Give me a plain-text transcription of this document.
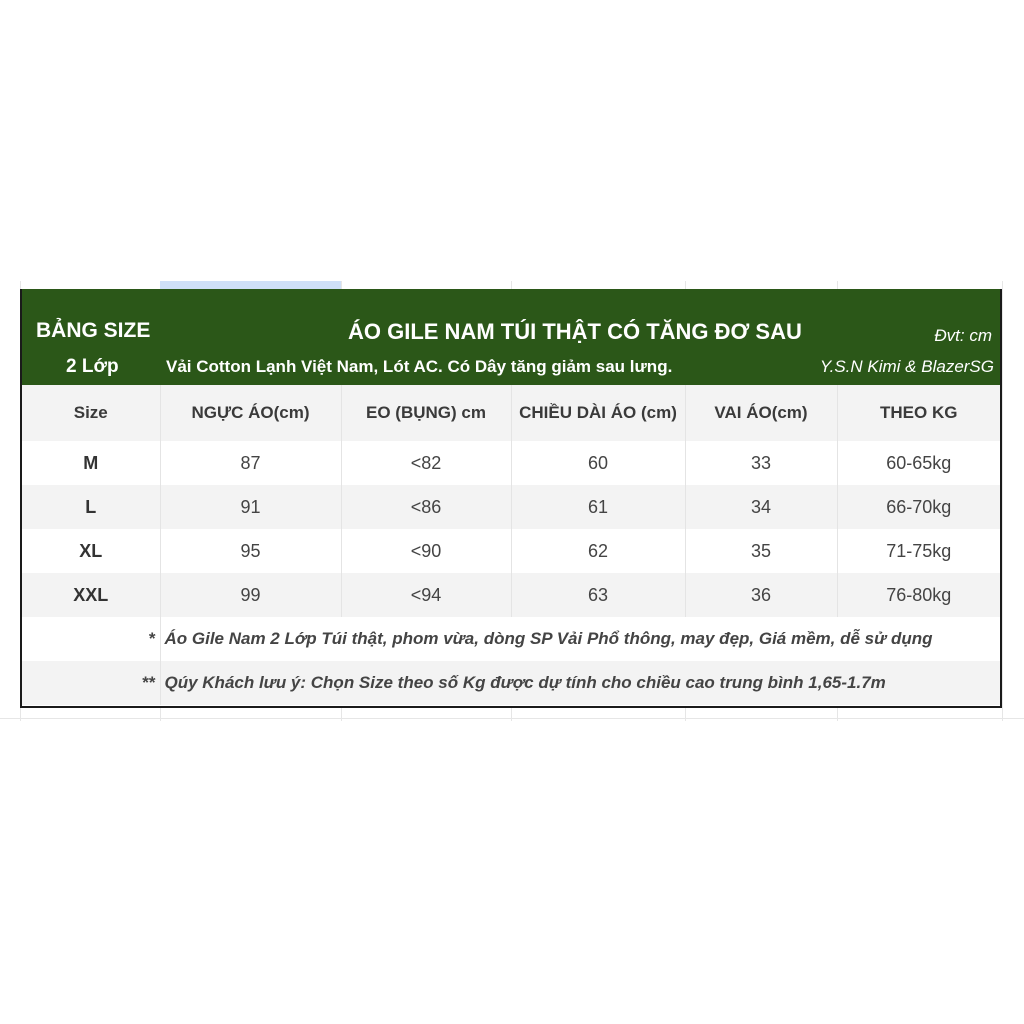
BẢNG SIZE
2 Lớp
ÁO GILE NAM TÚI THẬT CÓ TĂNG ĐƠ SAU
Vải Cotton Lạnh Việt Nam, Lót AC. Có Dây tăng giảm sau lưng.
Đvt: cm
Y.S.N Kimi & BlazerSG
Size	NGỰC ÁO(cm)	EO (BỤNG) cm	CHIỀU DÀI ÁO (cm)	VAI ÁO(cm)	THEO KG
M	87	<82	60	33	60-65kg
L	91	<86	61	34	66-70kg
XL	95	<90	62	35	71-75kg
XXL	99	<94	63	36	76-80kg
*	Áo Gile Nam 2 Lớp Túi thật, phom vừa, dòng SP Vải Phổ thông, may đẹp, Giá mềm, dễ sử dụng				
**	Qúy Khách lưu ý: Chọn Size theo số Kg được dự tính cho chiều cao trung bình 1,65-1.7m				
